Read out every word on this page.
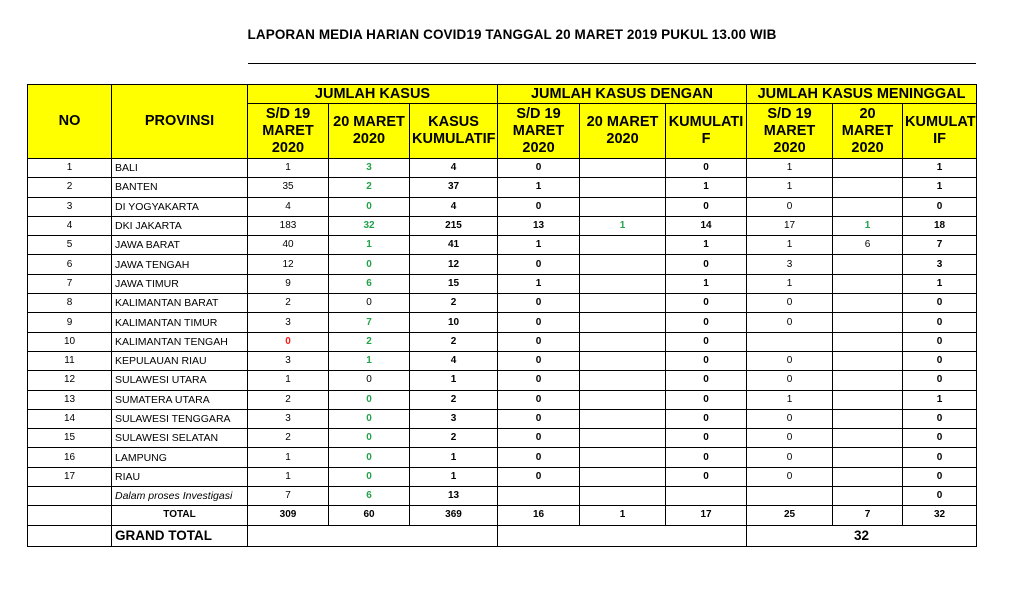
LAPORAN MEDIA HARIAN COVID19 TANGGAL 20 MARET 2019 PUKUL 13.00 WIB
NO	PROVINSI	JUMLAH KASUS			JUMLAH KASUS DENGAN			JUMLAH KASUS MENINGGAL		
		S/D 19 MARET 2020	20 MARET 2020	KASUS KUMULATIF	S/D 19 MARET 2020	20 MARET 2020	KUMULATI F	S/D 19 MARET 2020	20 MARET 2020	KUMULAT IF
1	BALI	1	3	4	0		0	1		1
2	BANTEN	35	2	37	1		1	1		1
3	DI YOGYAKARTA	4	0	4	0		0	0		0
4	DKI JAKARTA	183	32	215	13	1	14	17	1	18
5	JAWA BARAT	40	1	41	1		1	1	6	7
6	JAWA TENGAH	12	0	12	0		0	3		3
7	JAWA TIMUR	9	6	15	1		1	1		1
8	KALIMANTAN BARAT	2	0	2	0		0	0		0
9	KALIMANTAN TIMUR	3	7	10	0		0	0		0
10	KALIMANTAN TENGAH	0	2	2	0		0			0
11	KEPULAUAN RIAU	3	1	4	0		0	0		0
12	SULAWESI UTARA	1	0	1	0		0	0		0
13	SUMATERA UTARA	2	0	2	0		0	1		1
14	SULAWESI TENGGARA	3	0	3	0		0	0		0
15	SULAWESI SELATAN	2	0	2	0		0	0		0
16	LAMPUNG	1	0	1	0		0	0		0
17	RIAU	1	0	1	0		0	0		0
	Dalam proses Investigasi	7	6	13						0
	TOTAL	309	60	369	16	1	17	25	7	32
	GRAND TOTAL							32		
